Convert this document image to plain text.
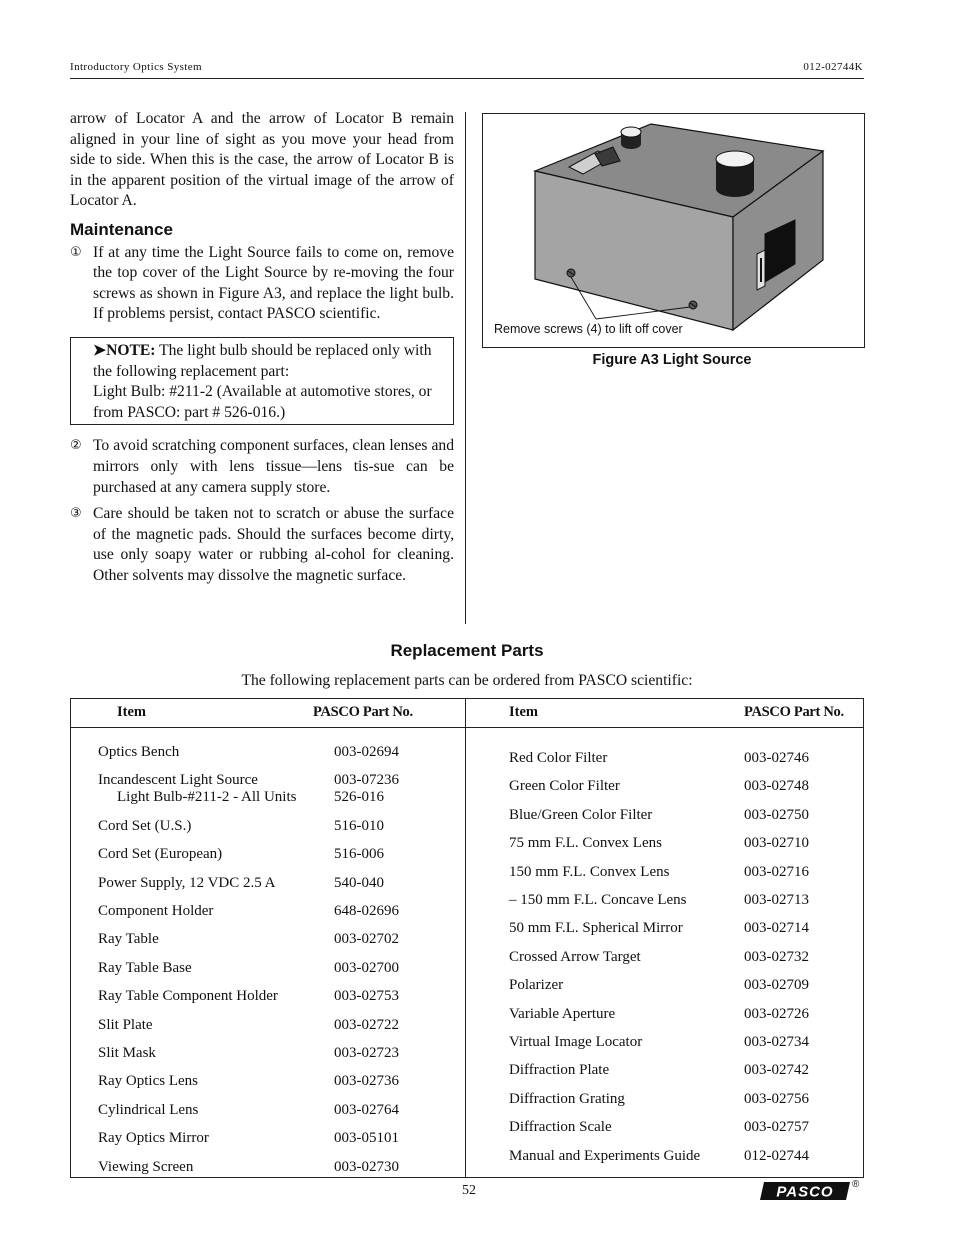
Introductory Optics System	012-02744K

arrow of Locator A and the arrow of Locator B remain aligned in your line of sight as you move your head from side to side. When this is the case, the arrow of Locator B is in the apparent position of the virtual image of the arrow of Locator A.

Maintenance

① If at any time the Light Source fails to come on, remove the top cover of the Light Source by re-moving the four screws as shown in Figure A3, and replace the light bulb. If problems persist, contact PASCO scientific.

➤NOTE: The light bulb should be replaced only with the following replacement part:

Light Bulb: #211-2 (Available at automotive stores, or from PASCO: part # 526-016.)

② To avoid scratching component surfaces, clean lenses and mirrors only with lens tissue—lens tis-sue can be purchased at any camera supply store.

③ Care should be taken not to scratch or abuse the surface of the magnetic pads. Should the surfaces become dirty, use only soapy water or rubbing al-cohol for cleaning. Other solvents may dissolve the magnetic surface.

Remove screws (4) to lift off cover
Figure A3 Light Source
Replacement Parts
The following replacement parts can be ordered from PASCO scientific:
Item	PASCO Part No.	Item	PASCO Part No.
Optics Bench	003-02694
Incandescent Light Source	003-07236
Light Bulb-#211-2 - All Units	526-016
Cord Set (U.S.)	516-010
Cord Set (European)	516-006
Power Supply, 12 VDC 2.5 A	540-040
Component Holder	648-02696
Ray Table	003-02702
Ray Table Base	003-02700
Ray Table Component Holder	003-02753
Slit Plate	003-02722
Slit Mask	003-02723
Ray Optics Lens	003-02736
Cylindrical Lens	003-02764
Ray Optics Mirror	003-05101
Viewing Screen	003-02730
Red Color Filter	003-02746
Green Color Filter	003-02748
Blue/Green Color Filter	003-02750
75 mm F.L. Convex Lens	003-02710
150 mm F.L. Convex Lens	003-02716
– 150 mm F.L. Concave Lens	003-02713
50 mm F.L. Spherical Mirror	003-02714
Crossed Arrow Target	003-02732
Polarizer	003-02709
Variable Aperture	003-02726
Virtual Image Locator	003-02734
Diffraction Plate	003-02742
Diffraction Grating	003-02756
Diffraction Scale	003-02757
Manual and Experiments Guide	012-02744
52	PASCO ®
